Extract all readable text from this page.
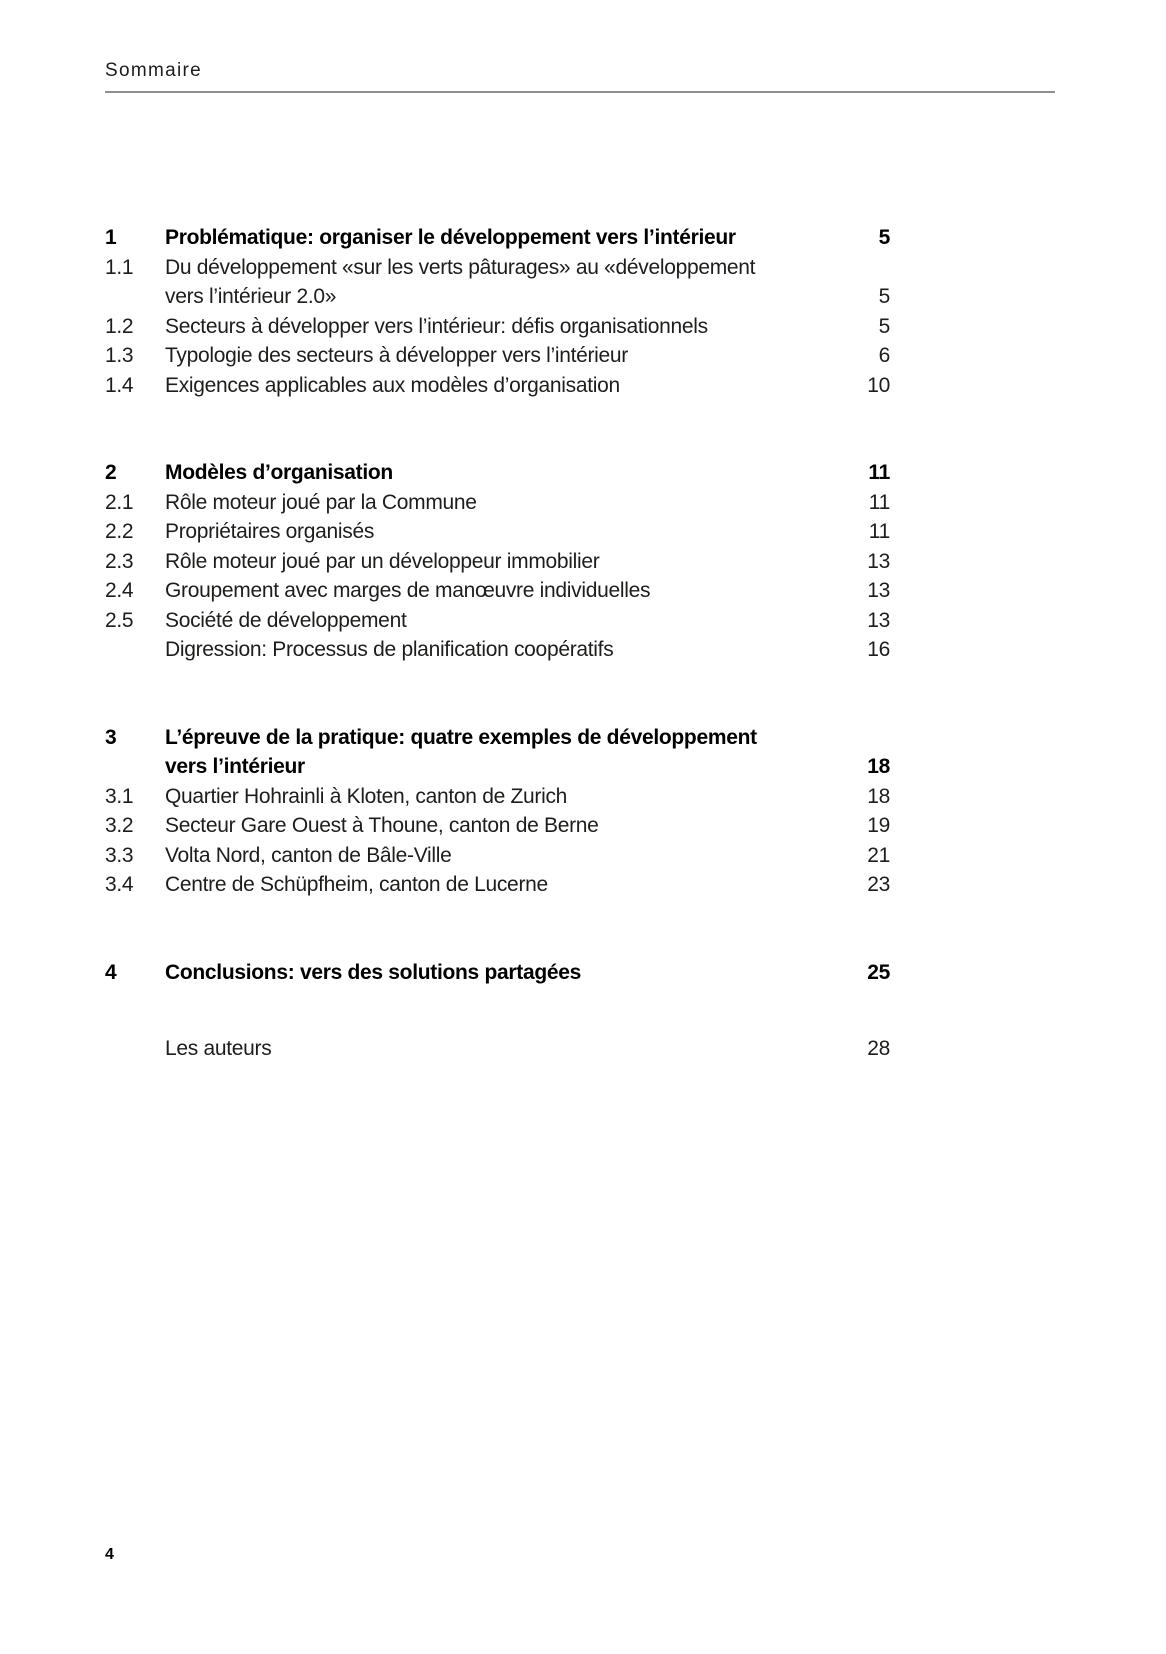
Sommaire
1	Problématique: organiser le développement vers l’intérieur	5
1.1	Du développement «sur les verts pâturages» au «développement
vers l’intérieur 2.0»	5
1.2	Secteurs à développer vers l’intérieur: défis organisationnels	5
1.3	Typologie des secteurs à développer vers l’intérieur	6
1.4	Exigences applicables aux modèles d’organisation	10
2	Modèles d’organisation	11
2.1	Rôle moteur joué par la Commune	11
2.2	Propriétaires organisés	11
2.3	Rôle moteur joué par un développeur immobilier	13
2.4	Groupement avec marges de manœuvre individuelles	13
2.5	Société de développement	13
Digression: Processus de planification coopératifs	16
3	L’épreuve de la pratique: quatre exemples de développement
vers l’intérieur	18
3.1	Quartier Hohrainli à Kloten, canton de Zurich	18
3.2	Secteur Gare Ouest à Thoune, canton de Berne	19
3.3	Volta Nord, canton de Bâle-Ville	21
3.4	Centre de Schüpfheim, canton de Lucerne	23
4	Conclusions: vers des solutions partagées	25
Les auteurs	28
4
